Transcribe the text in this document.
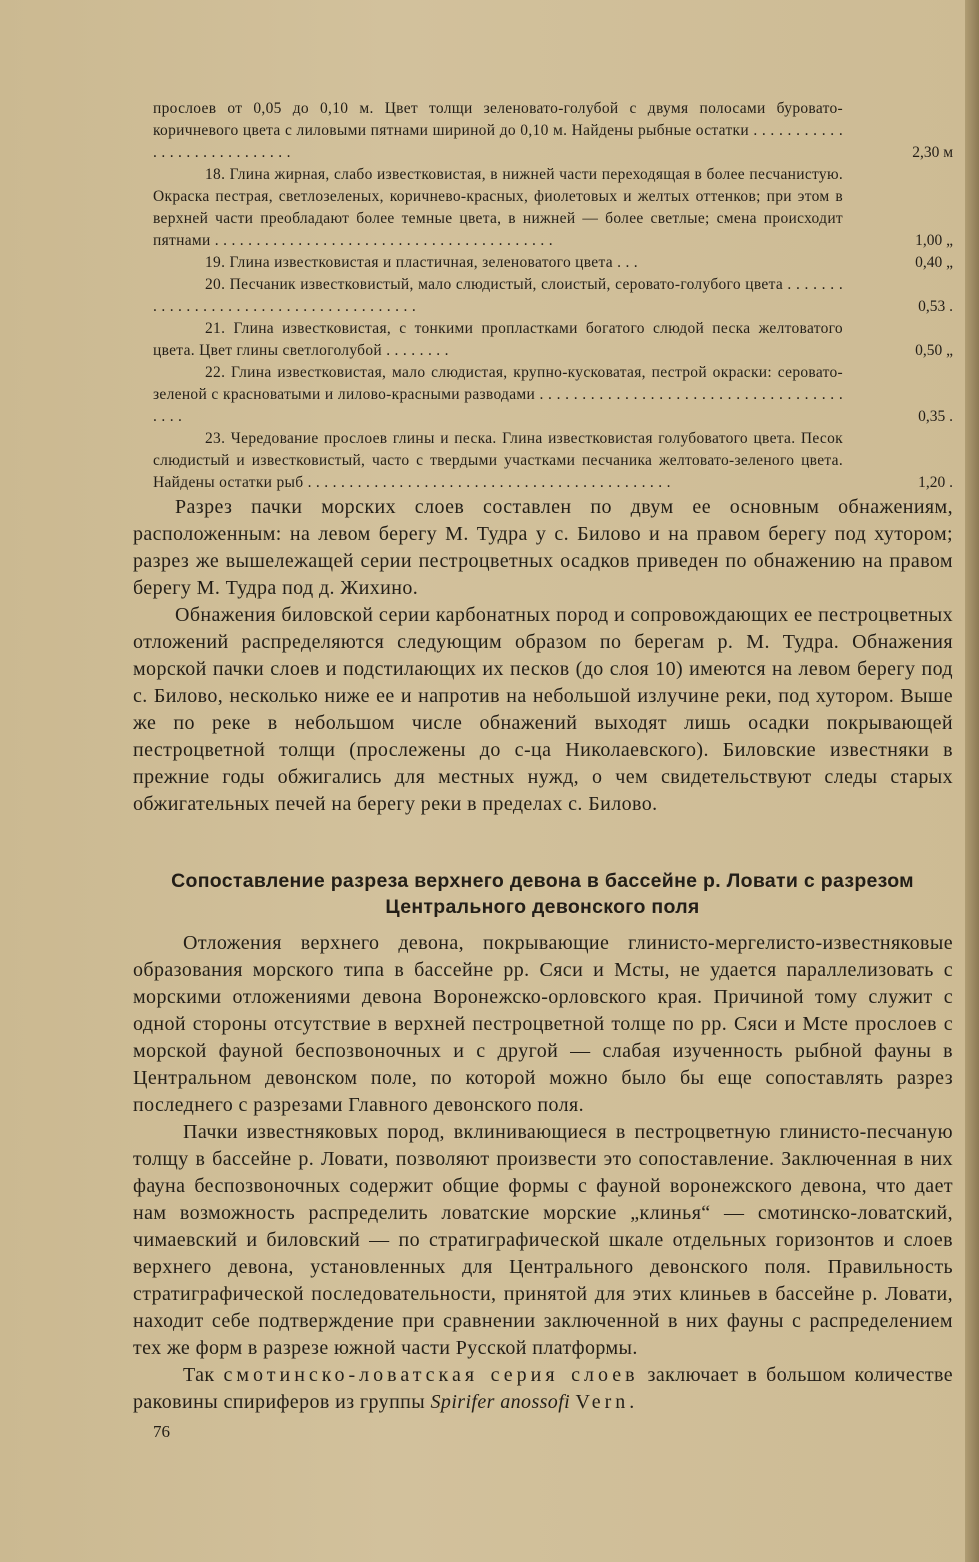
прослоев от 0,05 до 0,10 м. Цвет толщи зеленовато-голубой с двумя полосами буровато-коричневого цвета с лиловыми пятнами шириной до 0,10 м. Найдены рыбные остатки . . . . . . . . . . . . . . . . . . . . . . . . . . . .	2,30 м
18. Глина жирная, слабо известковистая, в нижней части переходящая в более песчанистую. Окраска пестрая, светлозеленых, коричнево-красных, фиолетовых и желтых оттенков; при этом в верхней части преобладают более темные цвета, в нижней — более светлые; смена происходит пятнами . . . . . . . . . . . . . . . . . . . . . . . . . . . . . . . . . . . . . . . . .	1,00 „
19. Глина известковистая и пластичная, зеленоватого цвета . . .	0,40 „
20. Песчаник известковистый, мало слюдистый, слоистый, серовато-голубого цвета . . . . . . . . . . . . . . . . . . . . . . . . . . . . . . . . . . . . . . .	0,53 .
21. Глина известковистая, с тонкими пропластками богатого слюдой песка желтоватого цвета. Цвет глины светлоголубой . . . . . . . .	0,50 „
22. Глина известковистая, мало слюдистая, крупно-кусковатая, пестрой окраски: серовато-зеленой с красноватыми и лилово-красными разводами . . . . . . . . . . . . . . . . . . . . . . . . . . . . . . . . . . . . . . . .	0,35 .
23. Чередование прослоев глины и песка. Глина известковистая голубоватого цвета. Песок слюдистый и известковистый, часто с твердыми участками песчаника желтовато-зеленого цвета. Найдены остатки рыб . . . . . . . . . . . . . . . . . . . . . . . . . . . . . . . . . . . . . . . . . . . .	1,20 .

Разрез пачки морских слоев составлен по двум ее основным обнажениям, расположенным: на левом берегу М. Тудра у с. Билово и на правом берегу под хутором; разрез же вышележащей серии пестроцветных осадков приведен по обнажению на правом берегу М. Тудра под д. Жихино.

Обнажения биловской серии карбонатных пород и сопровождающих ее пестроцветных отложений распределяются следующим образом по берегам р. М. Тудра. Обнажения морской пачки слоев и подстилающих их песков (до слоя 10) имеются на левом берегу под с. Билово, несколько ниже ее и напротив на небольшой излучине реки, под хутором. Выше же по реке в небольшом числе обнажений выходят лишь осадки покрывающей пестроцветной толщи (прослежены до с-ца Николаевского). Биловские известняки в прежние годы обжигались для местных нужд, о чем свидетельствуют следы старых обжигательных печей на берегу реки в пределах с. Билово.

Сопоставление разреза верхнего девона в бассейне р. Ловати с разрезом Центрального девонского поля

Отложения верхнего девона, покрывающие глинисто-мергелисто-известняковые образования морского типа в бассейне рр. Сяси и Мсты, не удается параллелизовать с морскими отложениями девона Воронежско-орловского края. Причиной тому служит с одной стороны отсутствие в верхней пестроцветной толще по рр. Сяси и Мсте прослоев с морской фауной беспозвоночных и с другой — слабая изученность рыбной фауны в Центральном девонском поле, по которой можно было бы еще сопоставлять разрез последнего с разрезами Главного девонского поля.

Пачки известняковых пород, вклинивающиеся в пестроцветную глинисто-песчаную толщу в бассейне р. Ловати, позволяют произвести это сопоставление. Заключенная в них фауна беспозвоночных содержит общие формы с фауной воронежского девона, что дает нам возможность распределить ловатские морские „клинья“ — смотинско-ловатский, чимаевский и биловский — по стратиграфической шкале отдельных горизонтов и слоев верхнего девона, установленных для Центрального девонского поля. Правильность стратиграфической последовательности, принятой для этих клиньев в бассейне р. Ловати, находит себе подтверждение при сравнении заключенной в них фауны с распределением тех же форм в разрезе южной части Русской платформы.

Так смотинско-ловатская серия слоев заключает в большом количестве раковины спириферов из группы Spirifer anossofi Vern.

76
